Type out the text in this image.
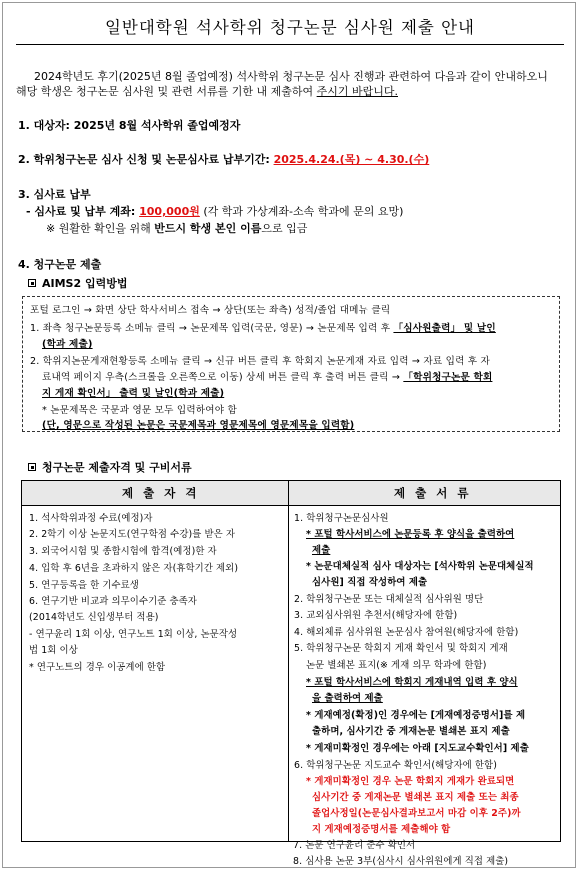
일반대학원 석사학위 청구논문 심사원 제출 안내
2024학년도 후기(2025년 8월 졸업예정) 석사학위 청구논문 심사 진행과 관련하여 다음과 같이 안내하오니
해당 학생은 청구논문 심사원 및 관련 서류를 기한 내 제출하여 주시기 바랍니다.
1. 대상자: 2025년 8월 석사학위 졸업예정자
2. 학위청구논문 심사 신청 및 논문심사료 납부기간: 2025.4.24.(목) ~ 4.30.(수)
3. 심사료 납부
- 심사료 및 납부 계좌: 100,000원 (각 학과 가상계좌-소속 학과에 문의 요망)
※ 원활한 확인을 위해 반드시 학생 본인 이름으로 입금
4. 청구논문 제출
AIMS2 입력방법
포털 로그인 → 화면 상단 학사서비스 접속 → 상단(또는 좌측) 성적/졸업 대메뉴 클릭
1. 좌측 청구논문등록 소메뉴 클릭 → 논문제목 입력(국문, 영문) → 논문제목 입력 후 「심사원출력」 및 날인
(학과 제출)
2. 학위지논문게재현황등록 소메뉴 클릭 → 신규 버튼 클릭 후 학회지 논문게재 자료 입력 → 자료 입력 후 자
료내역 페이지 우측(스크롤을 오른쪽으로 이동) 상세 버튼 클릭 후 출력 버튼 클릭 → 「학위청구논문 학회
지 게재 확인서」 출력 및 날인(학과 제출)
* 논문제목은 국문과 영문 모두 입력하여야 함
(단, 영문으로 작성된 논문은 국문제목과 영문제목에 영문제목을 입력함)
청구논문 제출자격 및 구비서류
제 출 자 격	제 출 서 류
1. 석사학위과정 수료(예정)자
2. 2학기 이상 논문지도(연구학점 수강)를 받은 자
3. 외국어시험 및 종합시험에 합격(예정)한 자
4. 입학 후 6년을 초과하지 않은 자(휴학기간 제외)
5. 연구등록을 한 기수료생
6. 연구기반 비교과 의무이수기준 충족자
(2014학년도 신입생부터 적용)
- 연구윤리 1회 이상, 연구노트 1회 이상, 논문작성
법 1회 이상
* 연구노트의 경우 이공계에 한함
1. 학위청구논문심사원
* 포털 학사서비스에 논문등록 후 양식을 출력하여
제출
* 논문대체실적 심사 대상자는 [석사학위 논문대체실적
심사원] 직접 작성하여 제출
2. 학위청구논문 또는 대체실적 심사위원 명단
3. 교외심사위원 추천서(해당자에 한함)
4. 해외체류 심사위원 논문심사 참여원(해당자에 한함)
5. 학위청구논문 학회지 게재 확인서 및 학회지 게재
논문 별쇄본 표지(※ 게재 의무 학과에 한함)
* 포털 학사서비스에 학회지 게재내역 입력 후 양식
을 출력하여 제출
* 게재예정(확정)인 경우에는 [게재예정증명서]를 제
출하며, 심사기간 중 게재논문 별쇄본 표지 제출
* 게재미확정인 경우에는 아래 [지도교수확인서] 제출
6. 학위청구논문 지도교수 확인서(해당자에 한함)
* 게재미확정인 경우 논문 학회지 게재가 완료되면
심사기간 중 게재논문 별쇄본 표지 제출 또는 최종
졸업사정일(논문심사결과보고서 마감 이후 2주)까
지 게재예정증명서를 제출해야 함
7. 논문 연구윤리 준수 확인서
8. 심사용 논문 3부(심사시 심사위원에게 직접 제출)
